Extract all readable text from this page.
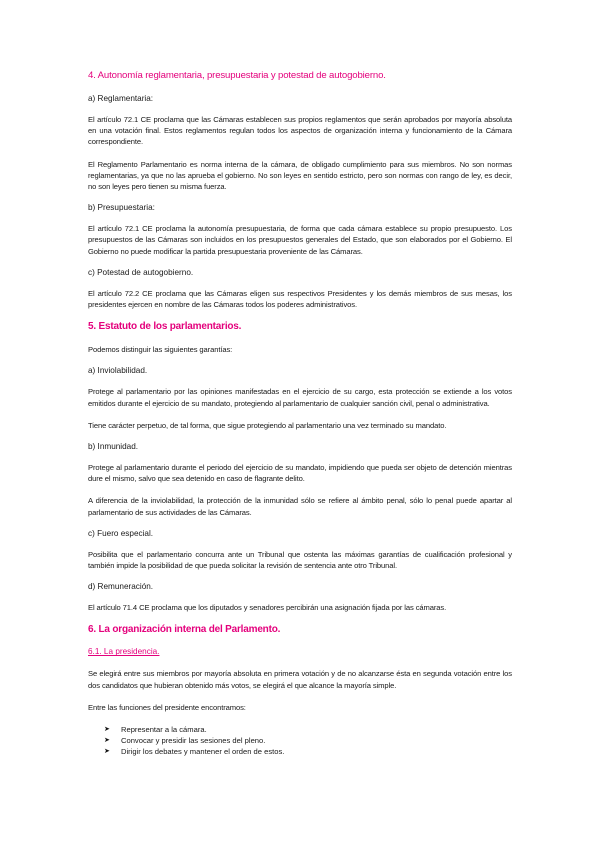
4. Autonomía reglamentaria, presupuestaria y potestad de autogobierno.
a) Reglamentaria:

El artículo 72.1 CE proclama que las Cámaras establecen sus propios reglamentos que serán aprobados por mayoría absoluta en una votación final. Estos reglamentos regulan todos los aspectos de organización interna y funcionamiento de la Cámara correspondiente.

El Reglamento Parlamentario es norma interna de la cámara, de obligado cumplimiento para sus miembros. No son normas reglamentarias, ya que no las aprueba el gobierno. No son leyes en sentido estricto, pero son normas con rango de ley, es decir, no son leyes pero tienen su misma fuerza.

b) Presupuestaria:

El artículo 72.1 CE proclama la autonomía presupuestaria, de forma que cada cámara establece su propio presupuesto. Los presupuestos de las Cámaras son incluidos en los presupuestos generales del Estado, que son elaborados por el Gobierno. El Gobierno no puede modificar la partida presupuestaria proveniente de las Cámaras.

c) Potestad de autogobierno.

El artículo 72.2 CE proclama que las Cámaras eligen sus respectivos Presidentes y los demás miembros de sus mesas, los presidentes ejercen en nombre de las Cámaras todos los poderes administrativos.

5. Estatuto de los parlamentarios.

Podemos distinguir las siguientes garantías:

a) Inviolabilidad.

Protege al parlamentario por las opiniones manifestadas en el ejercicio de su cargo, esta protección se extiende a los votos emitidos durante el ejercicio de su mandato, protegiendo al parlamentario de cualquier sanción civil, penal o administrativa.

Tiene carácter perpetuo, de tal forma, que sigue protegiendo al parlamentario una vez terminado su mandato.

b) Inmunidad.

Protege al parlamentario durante el periodo del ejercicio de su mandato, impidiendo que pueda ser objeto de detención mientras dure el mismo, salvo que sea detenido en caso de flagrante delito.

A diferencia de la inviolabilidad, la protección de la inmunidad sólo se refiere al ámbito penal, sólo lo penal puede apartar al parlamentario de sus actividades de las Cámaras.

c) Fuero especial.

Posibilita que el parlamentario concurra ante un Tribunal que ostenta las máximas garantías de cualificación profesional y también impide la posibilidad de que pueda solicitar la revisión de sentencia ante otro Tribunal.

d) Remuneración.

El artículo 71.4 CE proclama que los diputados y senadores percibirán una asignación fijada por las cámaras.

6. La organización interna del Parlamento.
6.1. La presidencia.

Se elegirá entre sus miembros por mayoría absoluta en primera votación y de no alcanzarse ésta en segunda votación entre los dos candidatos que hubieran obtenido más votos, se elegirá el que alcance la mayoría simple.

Entre las funciones del presidente encontramos:

➤ Representar a la cámara.
➤ Convocar y presidir las sesiones del pleno.
➤ Dirigir los debates y mantener el orden de estos.
